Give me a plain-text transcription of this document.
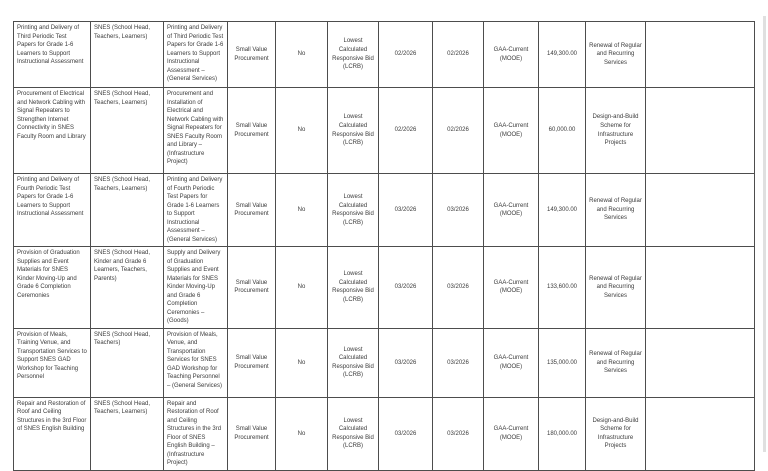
Printing and Delivery of Third Periodic Test Papers for Grade 1-6 Learners to Support Instructional Assessment	SNES (School Head, Teachers, Learners)	Printing and Delivery of Third Periodic Test Papers for Grade 1-6 Learners to Support Instructional Assessment – (General Services)	Small Value Procurement	No	Lowest Calculated Responsive Bid (LCRB)	02/2026	02/2026	GAA-Current (MOOE)	149,300.00	Renewal of Regular and Recurring Services	
Procurement of Electrical and Network Cabling with Signal Repeaters to Strengthen Internet Connectivity in SNES Faculty Room and Library	SNES (School Head, Teachers, Learners)	Procurement and Installation of Electrical and Network Cabling with Signal Repeaters for SNES Faculty Room and Library – (Infrastructure Project)	Small Value Procurement	No	Lowest Calculated Responsive Bid (LCRB)	02/2026	02/2026	GAA-Current (MOOE)	60,000.00	Design-and-Build Scheme for Infrastructure Projects	
Printing and Delivery of Fourth Periodic Test Papers for Grade 1-6 Learners to Support Instructional Assessment	SNES (School Head, Teachers, Learners)	Printing and Delivery of Fourth Periodic Test Papers for Grade 1-6 Learners to Support Instructional Assessment – (General Services)	Small Value Procurement	No	Lowest Calculated Responsive Bid (LCRB)	03/2026	03/2026	GAA-Current (MOOE)	149,300.00	Renewal of Regular and Recurring Services	
Provision of Graduation Supplies and Event Materials for SNES Kinder Moving-Up and Grade 6 Completion Ceremonies	SNES (School Head, Kinder and Grade 6 Learners, Teachers, Parents)	Supply and Delivery of Graduation Supplies and Event Materials for SNES Kinder Moving-Up and Grade 6 Completion Ceremonies – (Goods)	Small Value Procurement	No	Lowest Calculated Responsive Bid (LCRB)	03/2026	03/2026	GAA-Current (MOOE)	133,600.00	Renewal of Regular and Recurring Services	
Provision of Meals, Training Venue, and Transportation Services to Support SNES GAD Workshop for Teaching Personnel	SNES (School Head, Teachers)	Provision of Meals, Venue, and Transportation Services for SNES GAD Workshop for Teaching Personnel – (General Services)	Small Value Procurement	No	Lowest Calculated Responsive Bid (LCRB)	03/2026	03/2026	GAA-Current (MOOE)	135,000.00	Renewal of Regular and Recurring Services	
Repair and Restoration of Roof and Ceiling Structures in the 3rd Floor of SNES English Building	SNES (School Head, Teachers, Learners)	Repair and Restoration of Roof and Ceiling Structures in the 3rd Floor of SNES English Building – (Infrastructure Project)	Small Value Procurement	No	Lowest Calculated Responsive Bid (LCRB)	03/2026	03/2026	GAA-Current (MOOE)	180,000.00	Design-and-Build Scheme for Infrastructure Projects	
